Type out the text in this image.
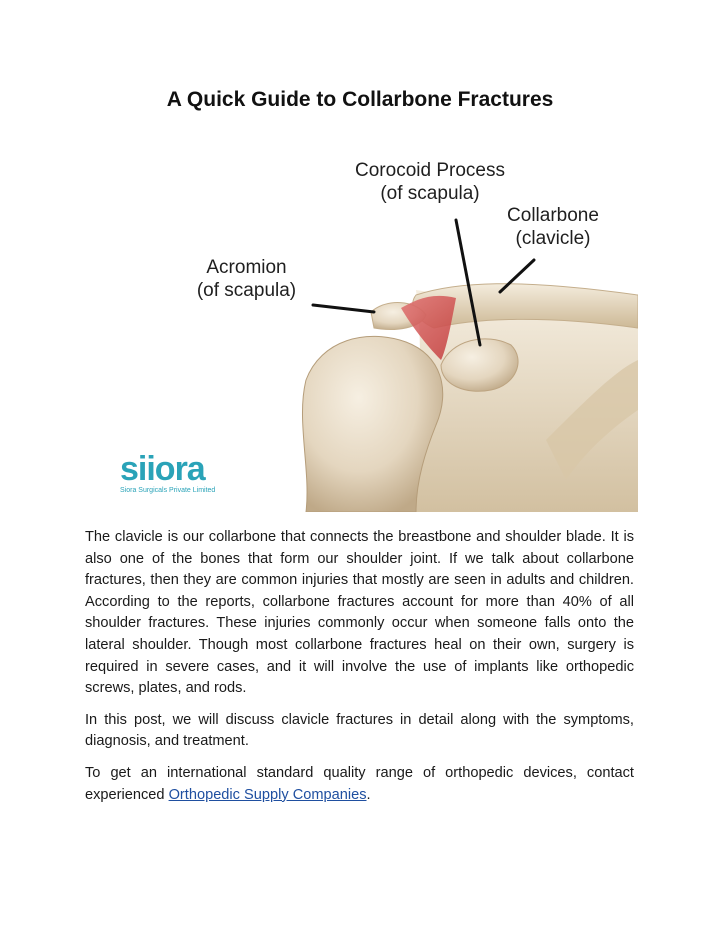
A Quick Guide to Collarbone Fractures
Corocoid Process
(of scapula)
Collarbone
(clavicle)
Acromion
(of scapula)
siiora
Siora Surgicals Private Limited

The clavicle is our collarbone that connects the breastbone and shoulder blade. It is also one of the bones that form our shoulder joint. If we talk about collarbone fractures, then they are common injuries that mostly are seen in adults and children. According to the reports, collarbone fractures account for more than 40% of all shoulder fractures. These injuries commonly occur when someone falls onto the lateral shoulder. Though most collarbone fractures heal on their own, surgery is required in severe cases, and it will involve the use of implants like orthopedic screws, plates, and rods.

In this post, we will discuss clavicle fractures in detail along with the symptoms, diagnosis, and treatment.

To get an international standard quality range of orthopedic devices, contact experienced Orthopedic Supply Companies.
